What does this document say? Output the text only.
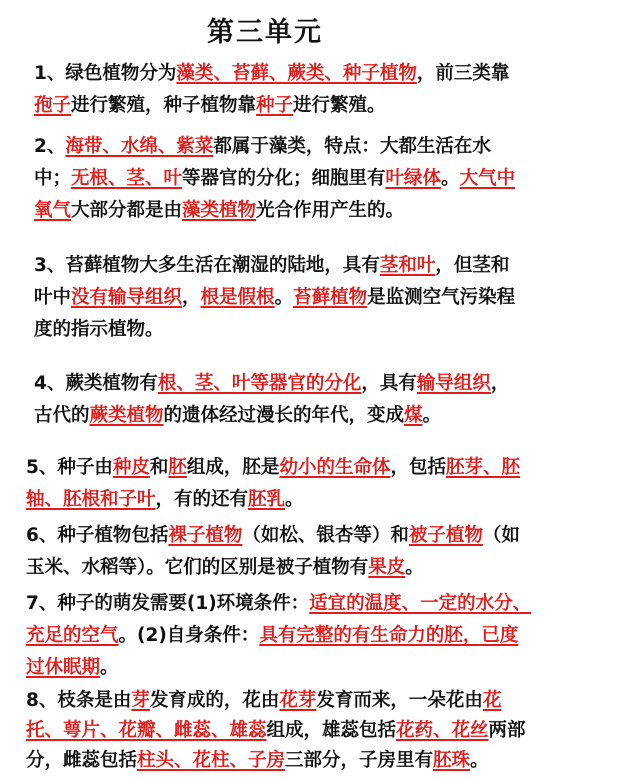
第三单元
1、绿色植物分为藻类、苔藓、蕨类、种子植物，前三类靠
孢子进行繁殖，种子植物靠种子进行繁殖。
2、海带、水绵、紫菜都属于藻类，特点：大都生活在水
中；无根、茎、叶等器官的分化；细胞里有叶绿体。大气中
氧气大部分都是由藻类植物光合作用产生的。
3、苔藓植物大多生活在潮湿的陆地，具有茎和叶，但茎和
叶中没有输导组织，根是假根。苔藓植物是监测空气污染程
度的指示植物。
4、蕨类植物有根、茎、叶等器官的分化，具有输导组织，
古代的蕨类植物的遗体经过漫长的年代，变成煤。
5、种子由种皮和胚组成，胚是幼小的生命体，包括胚芽、胚
轴、胚根和子叶，有的还有胚乳。
6、种子植物包括裸子植物（如松、银杏等）和被子植物（如
玉米、水稻等）。它们的区别是被子植物有果皮。
7、种子的萌发需要(1)环境条件：适宜的温度、一定的水分、
充足的空气。(2)自身条件：具有完整的有生命力的胚，已度
过休眠期。
8、枝条是由芽发育成的，花由花芽发育而来，一朵花由花
托、萼片、花瓣、雌蕊、雄蕊组成，雄蕊包括花药、花丝两部
分，雌蕊包括柱头、花柱、子房三部分，子房里有胚珠。
